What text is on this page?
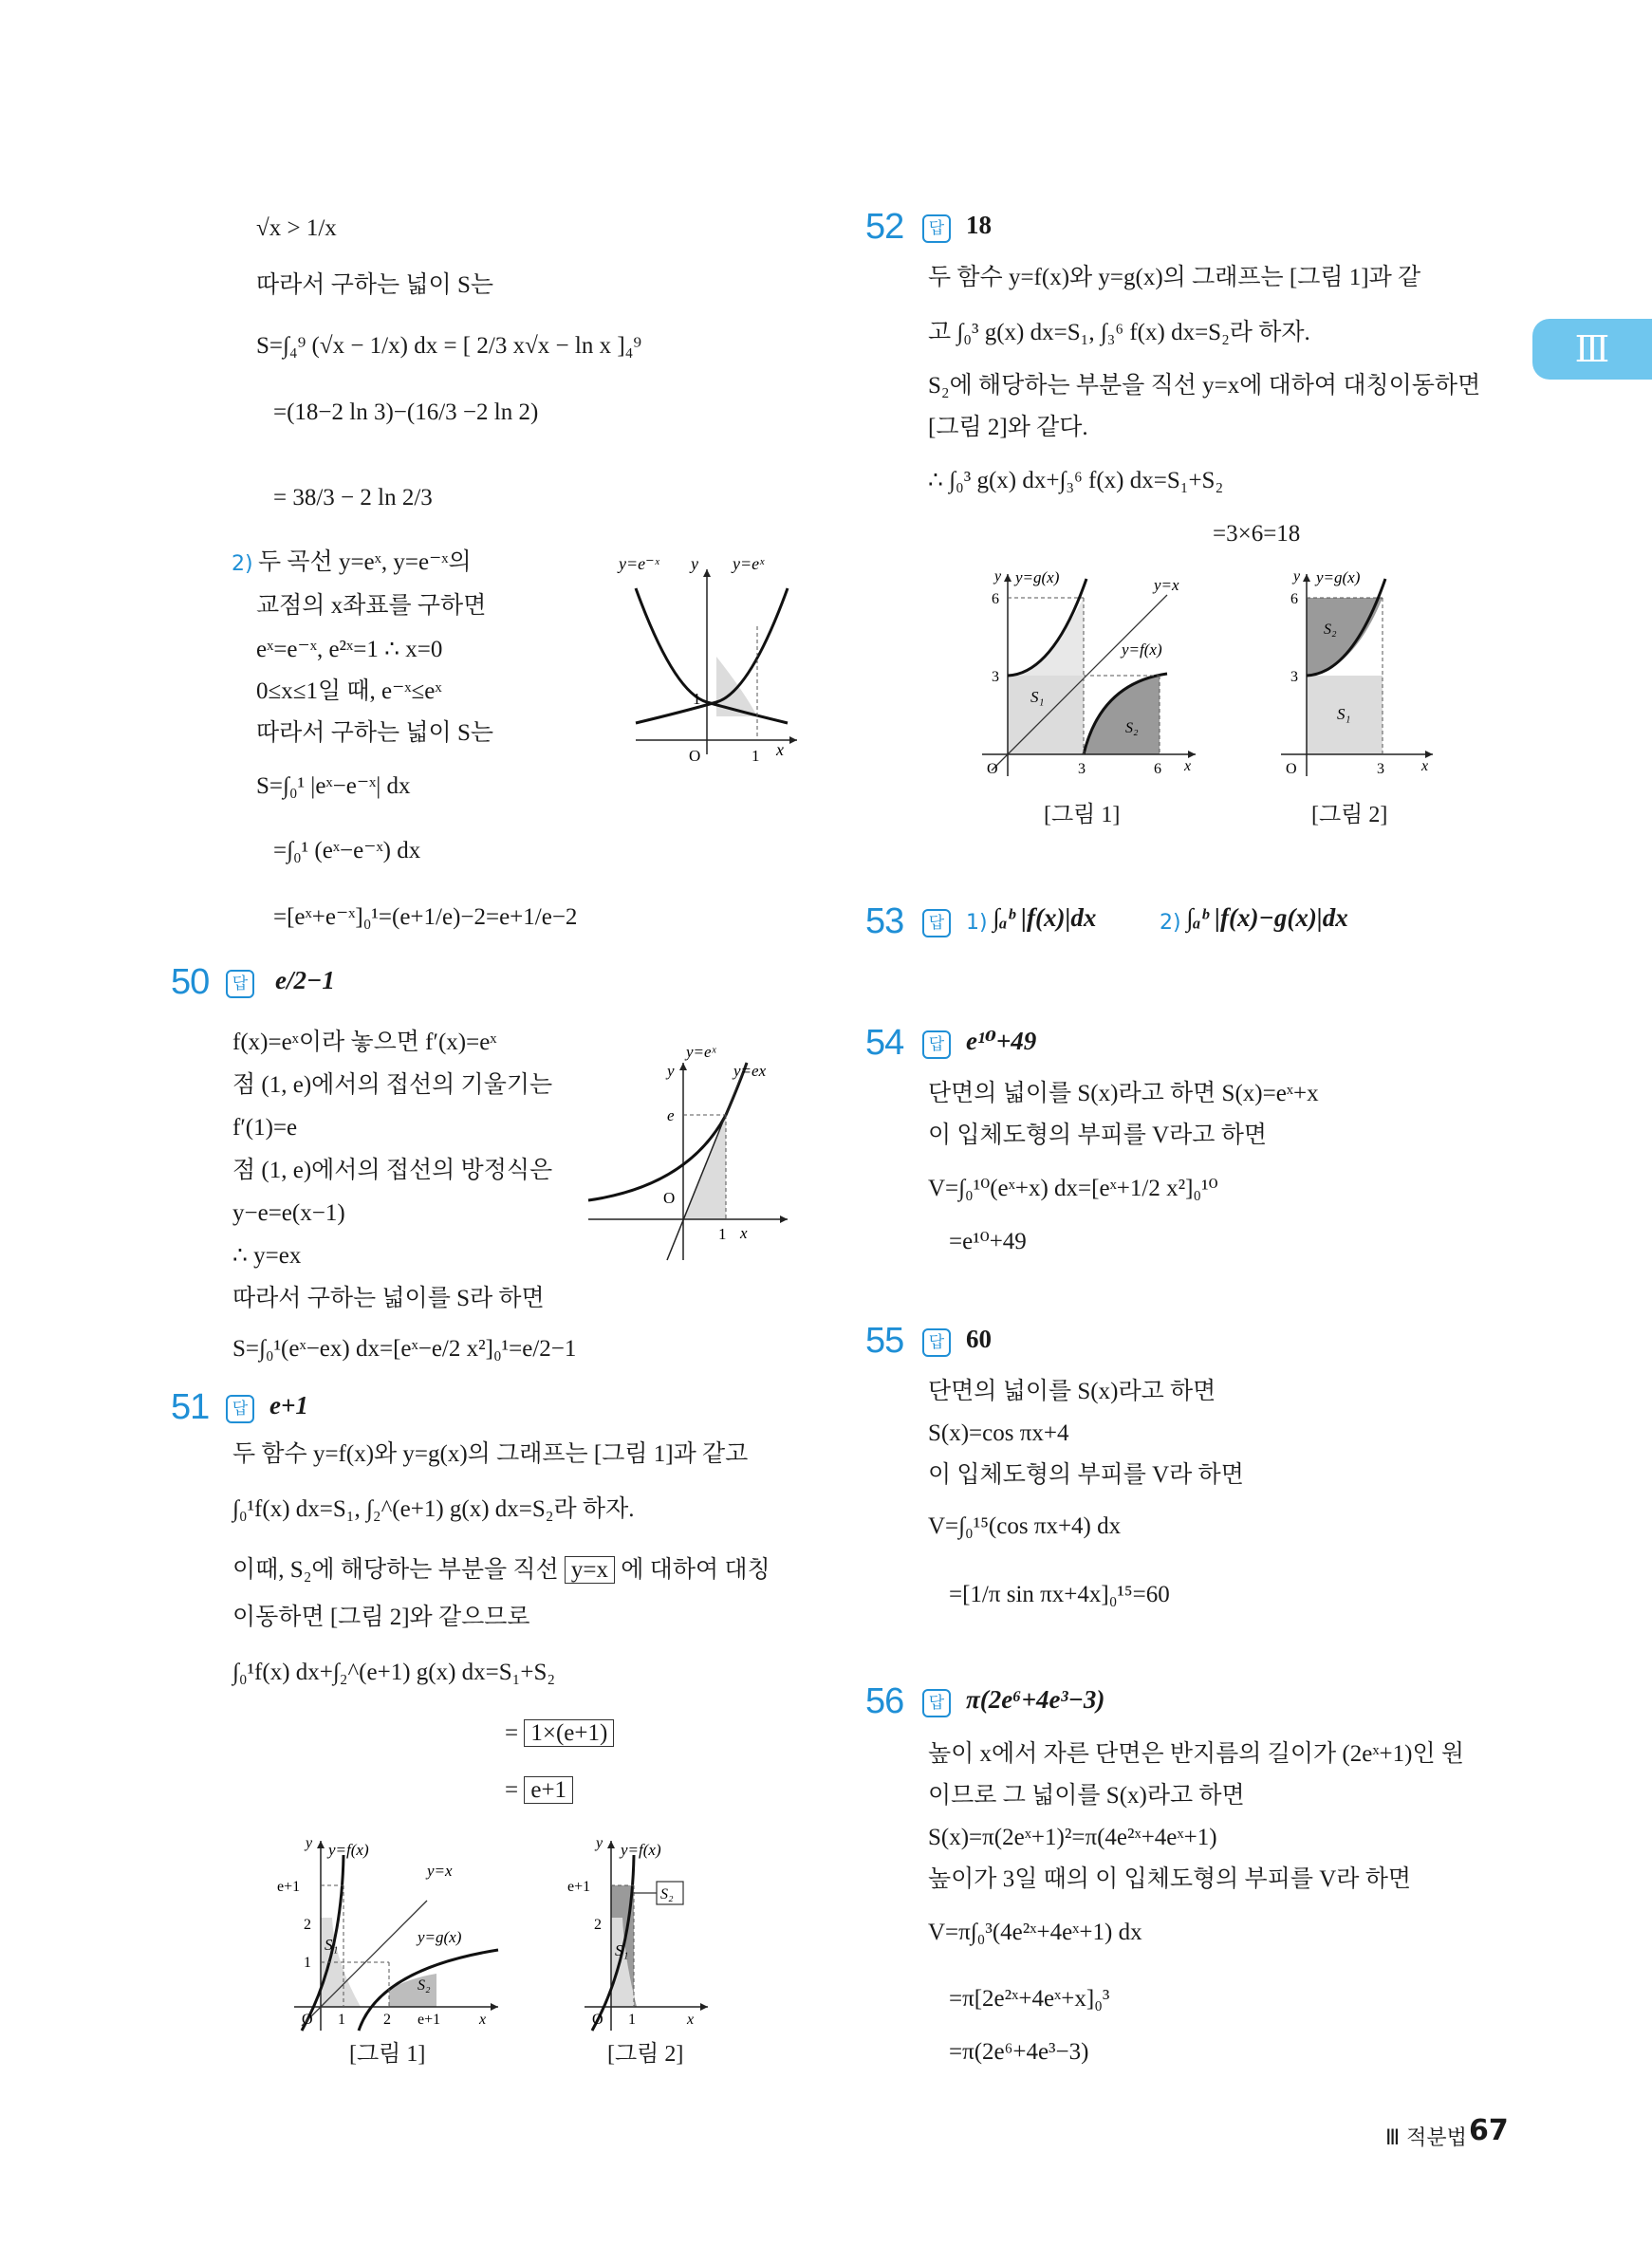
Ⅲ
√x > 1/x
따라서 구하는 넓이 S는
S=∫₄⁹ (√x − 1/x) dx = [ 2/3 x√x − ln x ]₄⁹
=(18−2 ln 3)−(16/3 −2 ln 2)
= 38/3 − 2 ln 2/3
2) 두 곡선 y=eˣ, y=e⁻ˣ의
교점의 x좌표를 구하면
eˣ=e⁻ˣ, e²ˣ=1 ∴ x=0
0≤x≤1일 때, e⁻ˣ≤eˣ
따라서 구하는 넓이 S는
S=∫₀¹ |eˣ−e⁻ˣ| dx
=∫₀¹ (eˣ−e⁻ˣ) dx
=[eˣ+e⁻ˣ]₀¹=(e+1/e)−2=e+1/e−2
y=e⁻ˣ y y=eˣ
1
O	1 x
50	답 e/2−1
f(x)=eˣ이라 놓으면 f′(x)=eˣ
점 (1, e)에서의 접선의 기울기는
f′(1)=e
점 (1, e)에서의 접선의 방정식은
y−e=e(x−1)
∴ y=ex
따라서 구하는 넓이를 S라 하면
S=∫₀¹(eˣ−ex) dx=[eˣ−e/2 x²]₀¹=e/2−1
y=eˣ
y=ex
y
e
O
1 x
51	답 e+1
두 함수 y=f(x)와 y=g(x)의 그래프는 [그림 1]과 같고
∫₀¹f(x) dx=S₁, ∫₂^(e+1) g(x) dx=S₂라 하자.
이때, S₂에 해당하는 부분을 직선 y=x 에 대하여 대칭
이동하면 [그림 2]와 같으므로
∫₀¹f(x) dx+∫₂^(e+1) g(x) dx=S₁+S₂
= 1×(e+1)
= e+1
y y=f(x)
y=x
y=g(x)
e+1
2
1
S₁
S₂
O 1	2 e+1	x
[그림 1]
y y=f(x)
e+1
2
S₂
S₁
O 1	x
[그림 2]
52	답 18
두 함수 y=f(x)와 y=g(x)의 그래프는 [그림 1]과 같
고 ∫₀³ g(x) dx=S₁, ∫₃⁶ f(x) dx=S₂라 하자.
S₂에 해당하는 부분을 직선 y=x에 대하여 대칭이동하면
[그림 2]와 같다.
∴ ∫₀³ g(x) dx+∫₃⁶ f(x) dx=S₁+S₂
=3×6=18
y y=g(x)	y=x
y=f(x)
6
3
S₁
S₂
O	3	6 x
[그림 1]
y y=g(x)
6
3
S₂
S₁
O	3 x
[그림 2]
53	답	1) ∫ₐᵇ |f(x)|dx	2) ∫ₐᵇ |f(x)−g(x)|dx
54	답 e¹⁰+49
단면의 넓이를 S(x)라고 하면 S(x)=eˣ+x
이 입체도형의 부피를 V라고 하면
V=∫₀¹⁰(eˣ+x) dx=[eˣ+1/2 x²]₀¹⁰
=e¹⁰+49
55	답 60
단면의 넓이를 S(x)라고 하면
S(x)=cos πx+4
이 입체도형의 부피를 V라 하면
V=∫₀¹⁵(cos πx+4) dx
=[1/π sin πx+4x]₀¹⁵=60
56	답 π(2e⁶+4e³−3)
높이 x에서 자른 단면은 반지름의 길이가 (2eˣ+1)인 원
이므로 그 넓이를 S(x)라고 하면
S(x)=π(2eˣ+1)²=π(4e²ˣ+4eˣ+1)
높이가 3일 때의 이 입체도형의 부피를 V라 하면
V=π∫₀³(4e²ˣ+4eˣ+1) dx
=π[2e²ˣ+4eˣ+x]₀³
=π(2e⁶+4e³−3)
Ⅲ 적분법 67
